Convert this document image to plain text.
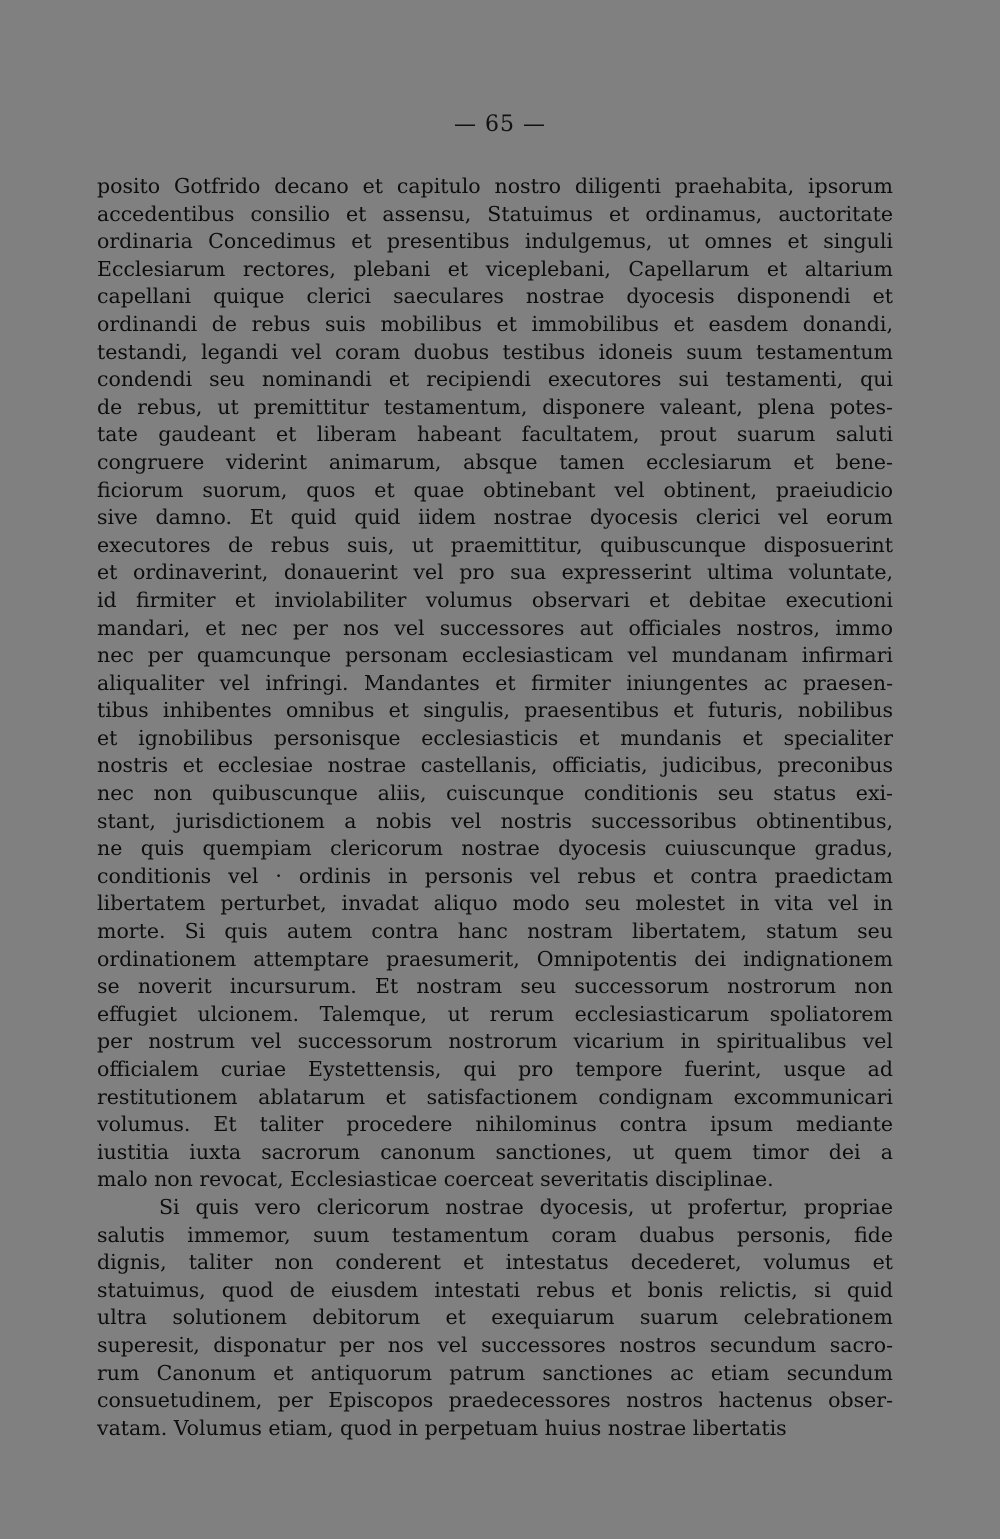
— 65 —
posito Gotfrido decano et capitulo nostro diligenti praehabita, ipsorum
accedentibus consilio et assensu, Statuimus et ordinamus, auctoritate
ordinaria Concedimus et presentibus indulgemus, ut omnes et singuli
Ecclesiarum rectores, plebani et viceplebani, Capellarum et altarium
capellani quique clerici saeculares nostrae dyocesis disponendi et
ordinandi de rebus suis mobilibus et immobilibus et easdem donandi,
testandi, legandi vel coram duobus testibus idoneis suum testamentum
condendi seu nominandi et recipiendi executores sui testamenti, qui
de rebus, ut premittitur testamentum, disponere valeant, plena potes-
tate gaudeant et liberam habeant facultatem, prout suarum saluti
congruere viderint animarum, absque tamen ecclesiarum et bene-
ficiorum suorum, quos et quae obtinebant vel obtinent, praeiudicio
sive damno. Et quid quid iidem nostrae dyocesis clerici vel eorum
executores de rebus suis, ut praemittitur, quibuscunque disposuerint
et ordinaverint, donauerint vel pro sua expresserint ultima voluntate,
id firmiter et inviolabiliter volumus observari et debitae executioni
mandari, et nec per nos vel successores aut officiales nostros, immo
nec per quamcunque personam ecclesiasticam vel mundanam infirmari
aliqualiter vel infringi. Mandantes et firmiter iniungentes ac praesen-
tibus inhibentes omnibus et singulis, praesentibus et futuris, nobilibus
et ignobilibus personisque ecclesiasticis et mundanis et specialiter
nostris et ecclesiae nostrae castellanis, officiatis, judicibus, preconibus
nec non quibuscunque aliis, cuiscunque conditionis seu status exi-
stant, jurisdictionem a nobis vel nostris successoribus obtinentibus,
ne quis quempiam clericorum nostrae dyocesis cuiuscunque gradus,
conditionis vel · ordinis in personis vel rebus et contra praedictam
libertatem perturbet, invadat aliquo modo seu molestet in vita vel in
morte. Si quis autem contra hanc nostram libertatem, statum seu
ordinationem attemptare praesumerit, Omnipotentis dei indignationem
se noverit incursurum. Et nostram seu successorum nostrorum non
effugiet ulcionem. Talemque, ut rerum ecclesiasticarum spoliatorem
per nostrum vel successorum nostrorum vicarium in spiritualibus vel
officialem curiae Eystettensis, qui pro tempore fuerint, usque ad
restitutionem ablatarum et satisfactionem condignam excommunicari
volumus. Et taliter procedere nihilominus contra ipsum mediante
iustitia iuxta sacrorum canonum sanctiones, ut quem timor dei a
malo non revocat, Ecclesiasticae coerceat severitatis disciplinae.
Si quis vero clericorum nostrae dyocesis, ut profertur, propriae
salutis immemor, suum testamentum coram duabus personis, fide
dignis, taliter non conderent et intestatus decederet, volumus et
statuimus, quod de eiusdem intestati rebus et bonis relictis, si quid
ultra solutionem debitorum et exequiarum suarum celebrationem
superesit, disponatur per nos vel successores nostros secundum sacro-
rum Canonum et antiquorum patrum sanctiones ac etiam secundum
consuetudinem, per Episcopos praedecessores nostros hactenus obser-
vatam. Volumus etiam, quod in perpetuam huius nostrae libertatis
